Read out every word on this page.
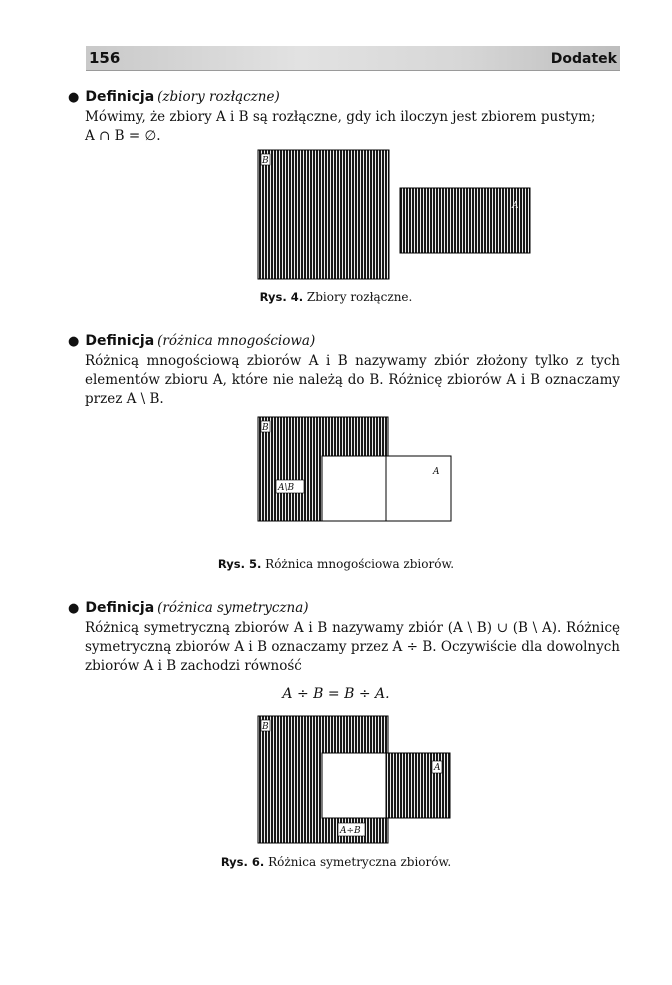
156	Dodatek
● Definicja (zbiory rozłączne)
Mówimy, że zbiory A i B są rozłączne, gdy ich iloczyn jest zbiorem pustym;
A ∩ B = ∅.
B
A
Rys. 4. Zbiory rozłączne.
● Definicja (różnica mnogościowa)
Różnicą mnogościową zbiorów A i B nazywamy zbiór złożony tylko z tych elementów zbioru A, które nie należą do B. Różnicę zbiorów A i B oznaczamy przez A \ B.
B
A
A\B
Rys. 5. Różnica mnogościowa zbiorów.
● Definicja (różnica symetryczna)
Różnicą symetryczną zbiorów A i B nazywamy zbiór (A \ B) ∪ (B \ A). Różnicę symetryczną zbiorów A i B oznaczamy przez A ÷ B. Oczywiście dla dowolnych zbiorów A i B zachodzi równość
A ÷ B = B ÷ A.
B
A
A÷B
Rys. 6. Różnica symetryczna zbiorów.
